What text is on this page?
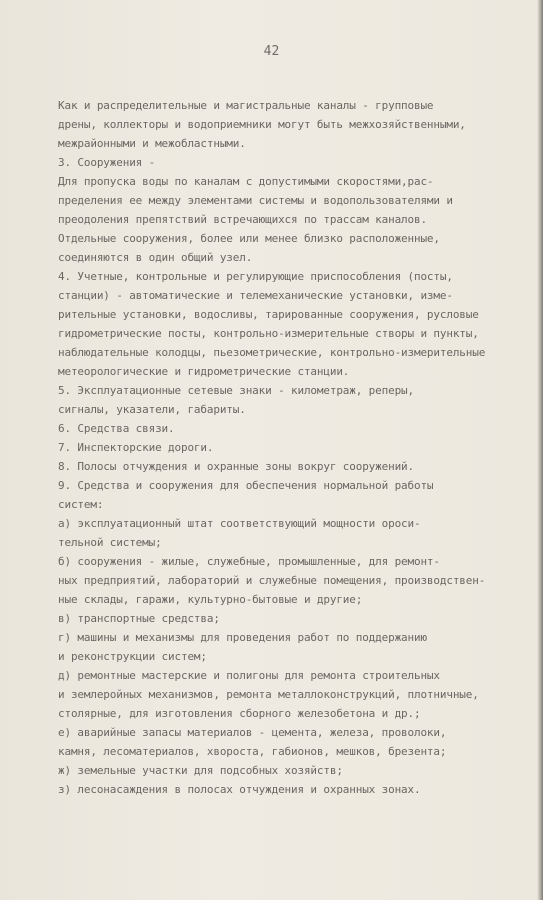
42
Как и распределительные и магистральные каналы - групповые
дрены, коллекторы и водоприемники могут быть межхозяйственными,
межрайонными и межобластными.
3. Сооружения -
Для пропуска воды по каналам с допустимыми скоростями,рас-
пределения ее между элементами системы и водопользователями и
преодоления препятствий встречающихся по трассам каналов.
Отдельные сооружения, более или менее близко расположенные,
соединяются в один общий узел.
4. Учетные, контрольные и регулирующие приспособления (посты,
станции) - автоматические и телемеханические установки, изме-
рительные установки, водосливы, тарированные сооружения, русловые
гидрометрические посты, контрольно-измерительные створы и пункты,
наблюдательные колодцы, пьезометрические, контрольно-измерительные
метеорологические и гидрометрические станции.
5. Эксплуатационные сетевые знаки - километраж, реперы,
сигналы, указатели, габариты.
6. Средства связи.
7. Инспекторские дороги.
8. Полосы отчуждения и охранные зоны вокруг сооружений.
9. Средства и сооружения для обеспечения нормальной работы
систем:
а) эксплуатационный штат соответствующий мощности ороси-
тельной системы;
б) сооружения - жилые, служебные, промышленные, для ремонт-
ных предприятий, лабораторий и служебные помещения, производствен-
ные склады, гаражи, культурно-бытовые и другие;
в) транспортные средства;
г) машины и механизмы для проведения работ по поддержанию
и реконструкции систем;
д) ремонтные мастерские и полигоны для ремонта строительных
и землеройных механизмов, ремонта металлоконструкций, плотничные,
столярные, для изготовления сборного железобетона и др.;
е) аварийные запасы материалов - цемента, железа, проволоки,
камня, лесоматериалов, хвороста, габионов, мешков, брезента;
ж) земельные участки для подсобных хозяйств;
з) лесонасаждения в полосах отчуждения и охранных зонах.
